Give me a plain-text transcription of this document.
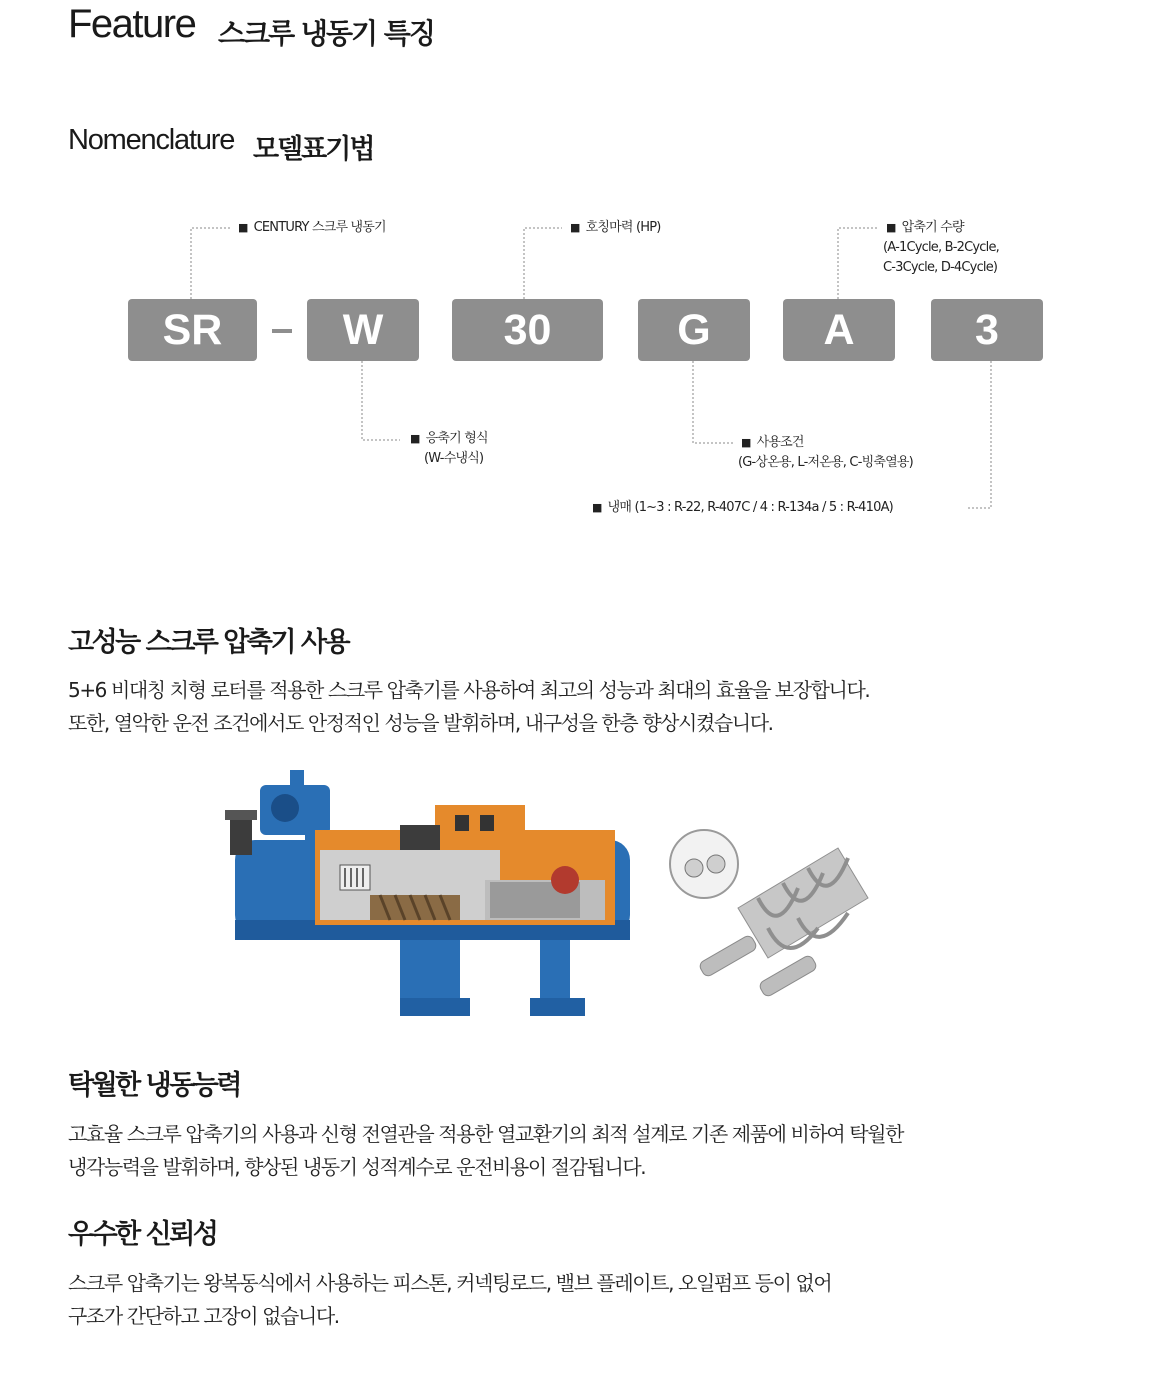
Feature 스크루 냉동기 특징
Nomenclature 모델표기법
SR	W	30	G	A	3
■ CENTURY 스크루 냉동기	■ 호칭마력 (HP)	■ 압축기 수량
(A-1Cycle, B-2Cycle,
C-3Cycle, D-4Cycle)
■ 응축기 형식
(W-수냉식)
■ 사용조건
(G-상온용, L-저온용, C-빙축열용)
■ 냉매 (1~3 : R-22, R-407C / 4 : R-134a / 5 : R-410A)
고성능 스크루 압축기 사용
5+6 비대칭 치형 로터를 적용한 스크루 압축기를 사용하여 최고의 성능과 최대의 효율을 보장합니다.
또한, 열악한 운전 조건에서도 안정적인 성능을 발휘하며, 내구성을 한층 향상시켰습니다.
탁월한 냉동능력
고효율 스크루 압축기의 사용과 신형 전열관을 적용한 열교환기의 최적 설계로 기존 제품에 비하여 탁월한
냉각능력을 발휘하며, 향상된 냉동기 성적계수로 운전비용이 절감됩니다.
우수한 신뢰성
스크루 압축기는 왕복동식에서 사용하는 피스톤, 커넥팅로드, 밸브 플레이트, 오일펌프 등이 없어
구조가 간단하고 고장이 없습니다.
